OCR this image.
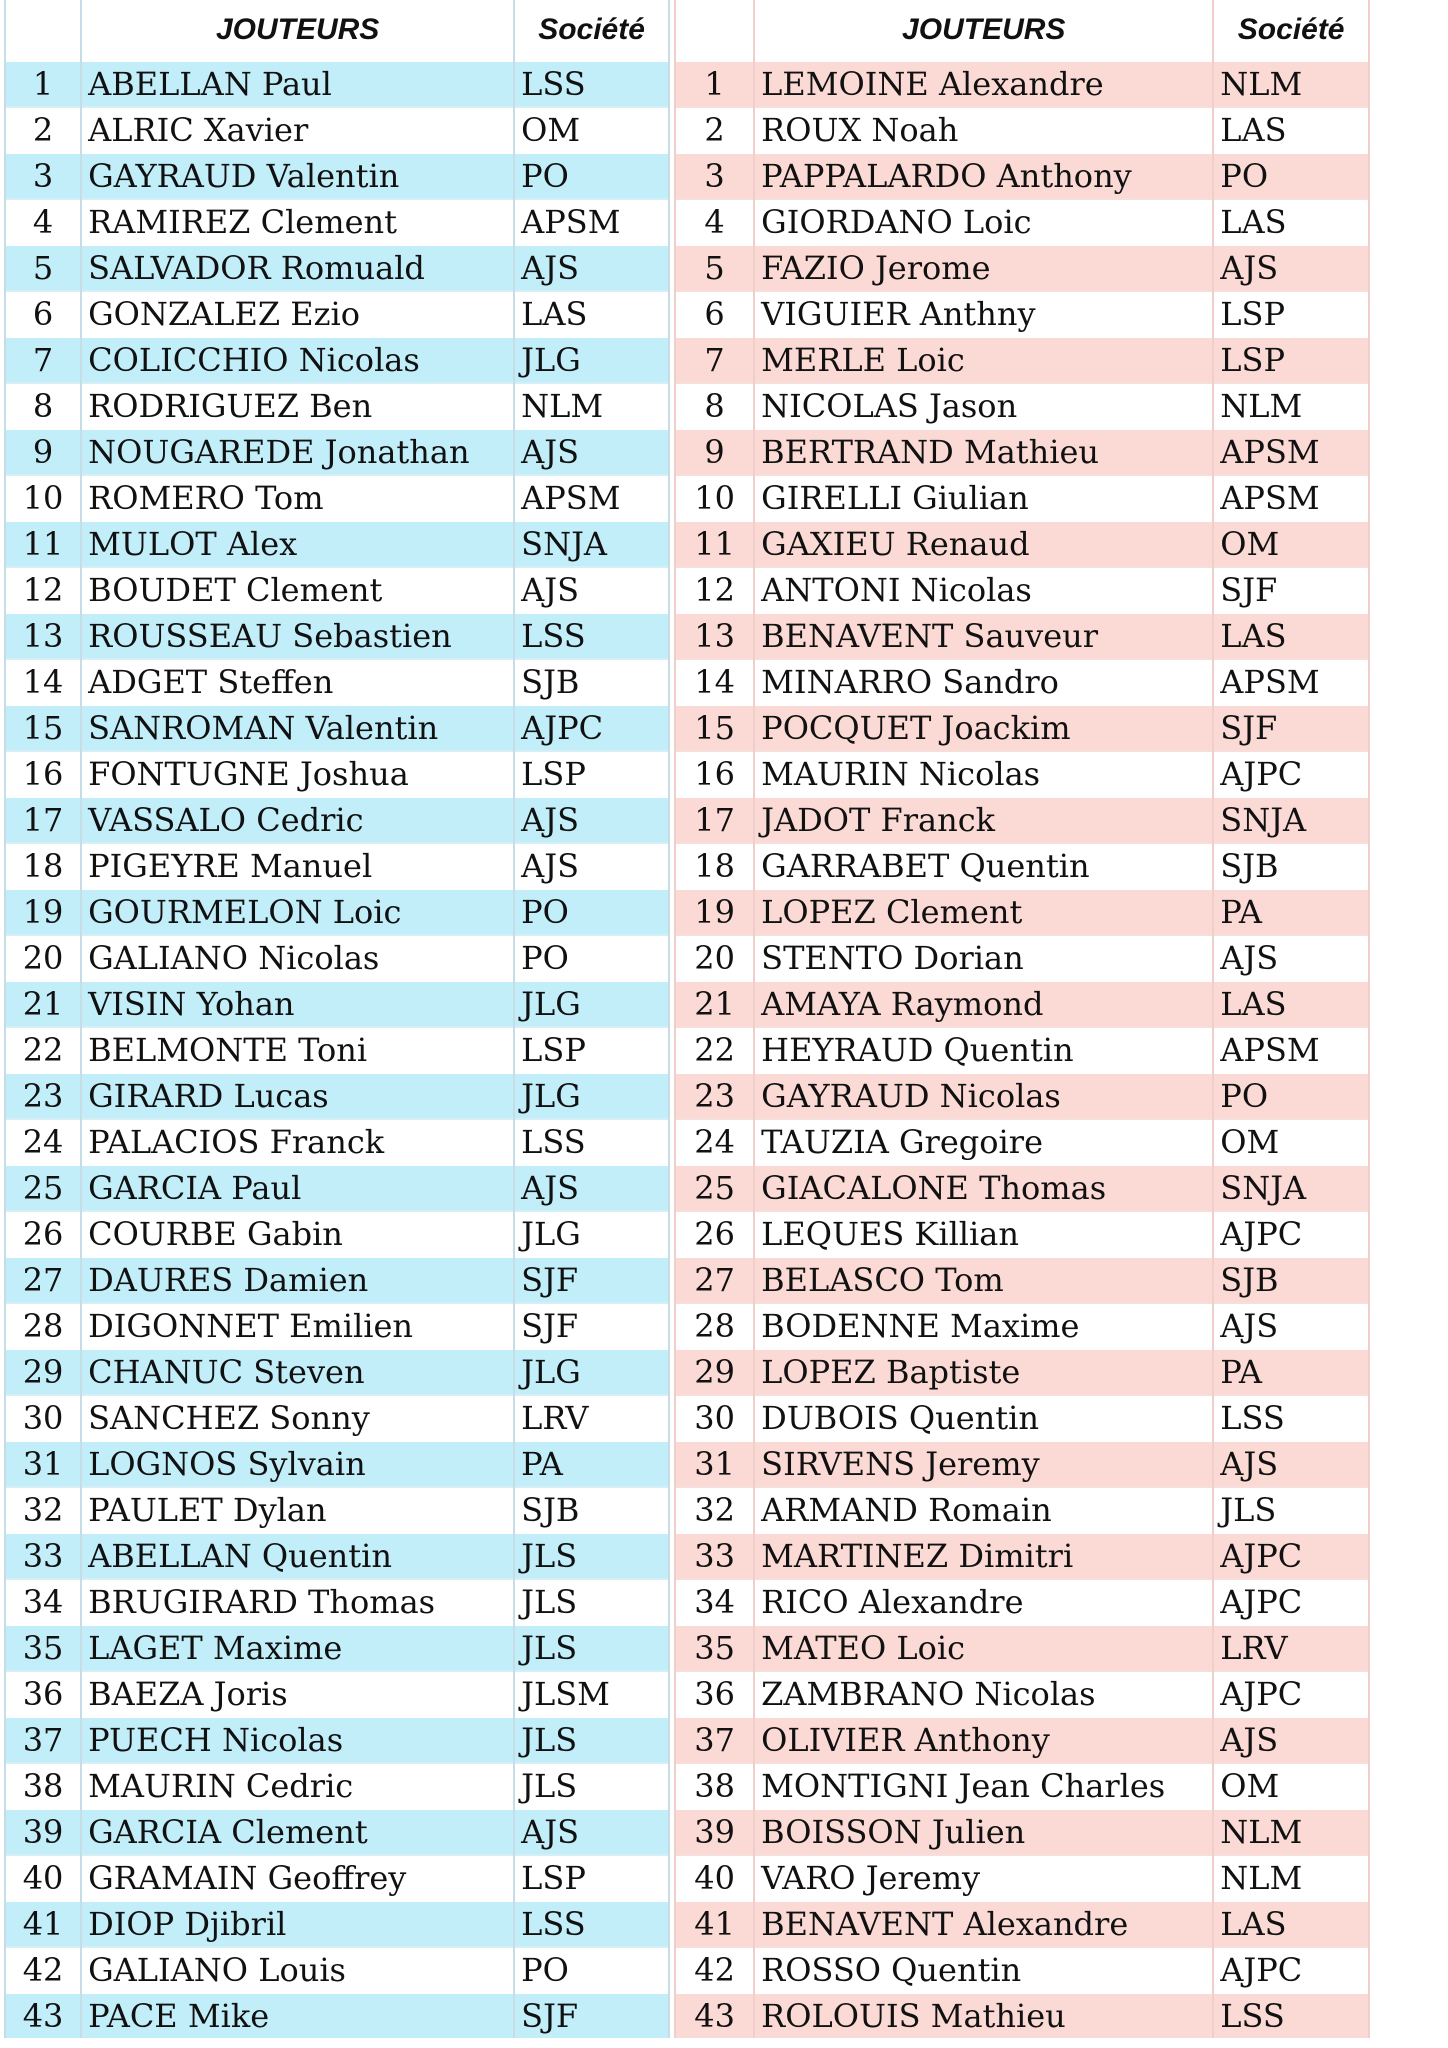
	JOUTEURS	Société
1	ABELLAN Paul	LSS
2	ALRIC Xavier	OM
3	GAYRAUD Valentin	PO
4	RAMIREZ Clement	APSM
5	SALVADOR Romuald	AJS
6	GONZALEZ Ezio	LAS
7	COLICCHIO Nicolas	JLG
8	RODRIGUEZ Ben	NLM
9	NOUGAREDE Jonathan	AJS
10	ROMERO Tom	APSM
11	MULOT Alex	SNJA
12	BOUDET Clement	AJS
13	ROUSSEAU Sebastien	LSS
14	ADGET Steffen	SJB
15	SANROMAN Valentin	AJPC
16	FONTUGNE Joshua	LSP
17	VASSALO Cedric	AJS
18	PIGEYRE Manuel	AJS
19	GOURMELON Loic	PO
20	GALIANO Nicolas	PO
21	VISIN Yohan	JLG
22	BELMONTE Toni	LSP
23	GIRARD Lucas	JLG
24	PALACIOS Franck	LSS
25	GARCIA Paul	AJS
26	COURBE Gabin	JLG
27	DAURES Damien	SJF
28	DIGONNET Emilien	SJF
29	CHANUC Steven	JLG
30	SANCHEZ Sonny	LRV
31	LOGNOS Sylvain	PA
32	PAULET Dylan	SJB
33	ABELLAN Quentin	JLS
34	BRUGIRARD Thomas	JLS
35	LAGET Maxime	JLS
36	BAEZA Joris	JLSM
37	PUECH Nicolas	JLS
38	MAURIN Cedric	JLS
39	GARCIA Clement	AJS
40	GRAMAIN Geoffrey	LSP
41	DIOP Djibril	LSS
42	GALIANO Louis	PO
43	PACE Mike	SJF
	JOUTEURS	Société
1	LEMOINE Alexandre	NLM
2	ROUX Noah	LAS
3	PAPPALARDO Anthony	PO
4	GIORDANO Loic	LAS
5	FAZIO Jerome	AJS
6	VIGUIER Anthny	LSP
7	MERLE Loic	LSP
8	NICOLAS Jason	NLM
9	BERTRAND Mathieu	APSM
10	GIRELLI Giulian	APSM
11	GAXIEU Renaud	OM
12	ANTONI Nicolas	SJF
13	BENAVENT Sauveur	LAS
14	MINARRO Sandro	APSM
15	POCQUET Joackim	SJF
16	MAURIN Nicolas	AJPC
17	JADOT Franck	SNJA
18	GARRABET Quentin	SJB
19	LOPEZ Clement	PA
20	STENTO Dorian	AJS
21	AMAYA Raymond	LAS
22	HEYRAUD Quentin	APSM
23	GAYRAUD Nicolas	PO
24	TAUZIA Gregoire	OM
25	GIACALONE Thomas	SNJA
26	LEQUES Killian	AJPC
27	BELASCO Tom	SJB
28	BODENNE Maxime	AJS
29	LOPEZ Baptiste	PA
30	DUBOIS Quentin	LSS
31	SIRVENS Jeremy	AJS
32	ARMAND Romain	JLS
33	MARTINEZ Dimitri	AJPC
34	RICO Alexandre	AJPC
35	MATEO Loic	LRV
36	ZAMBRANO Nicolas	AJPC
37	OLIVIER Anthony	AJS
38	MONTIGNI Jean Charles	OM
39	BOISSON Julien	NLM
40	VARO Jeremy	NLM
41	BENAVENT Alexandre	LAS
42	ROSSO Quentin	AJPC
43	ROLOUIS Mathieu	LSS
